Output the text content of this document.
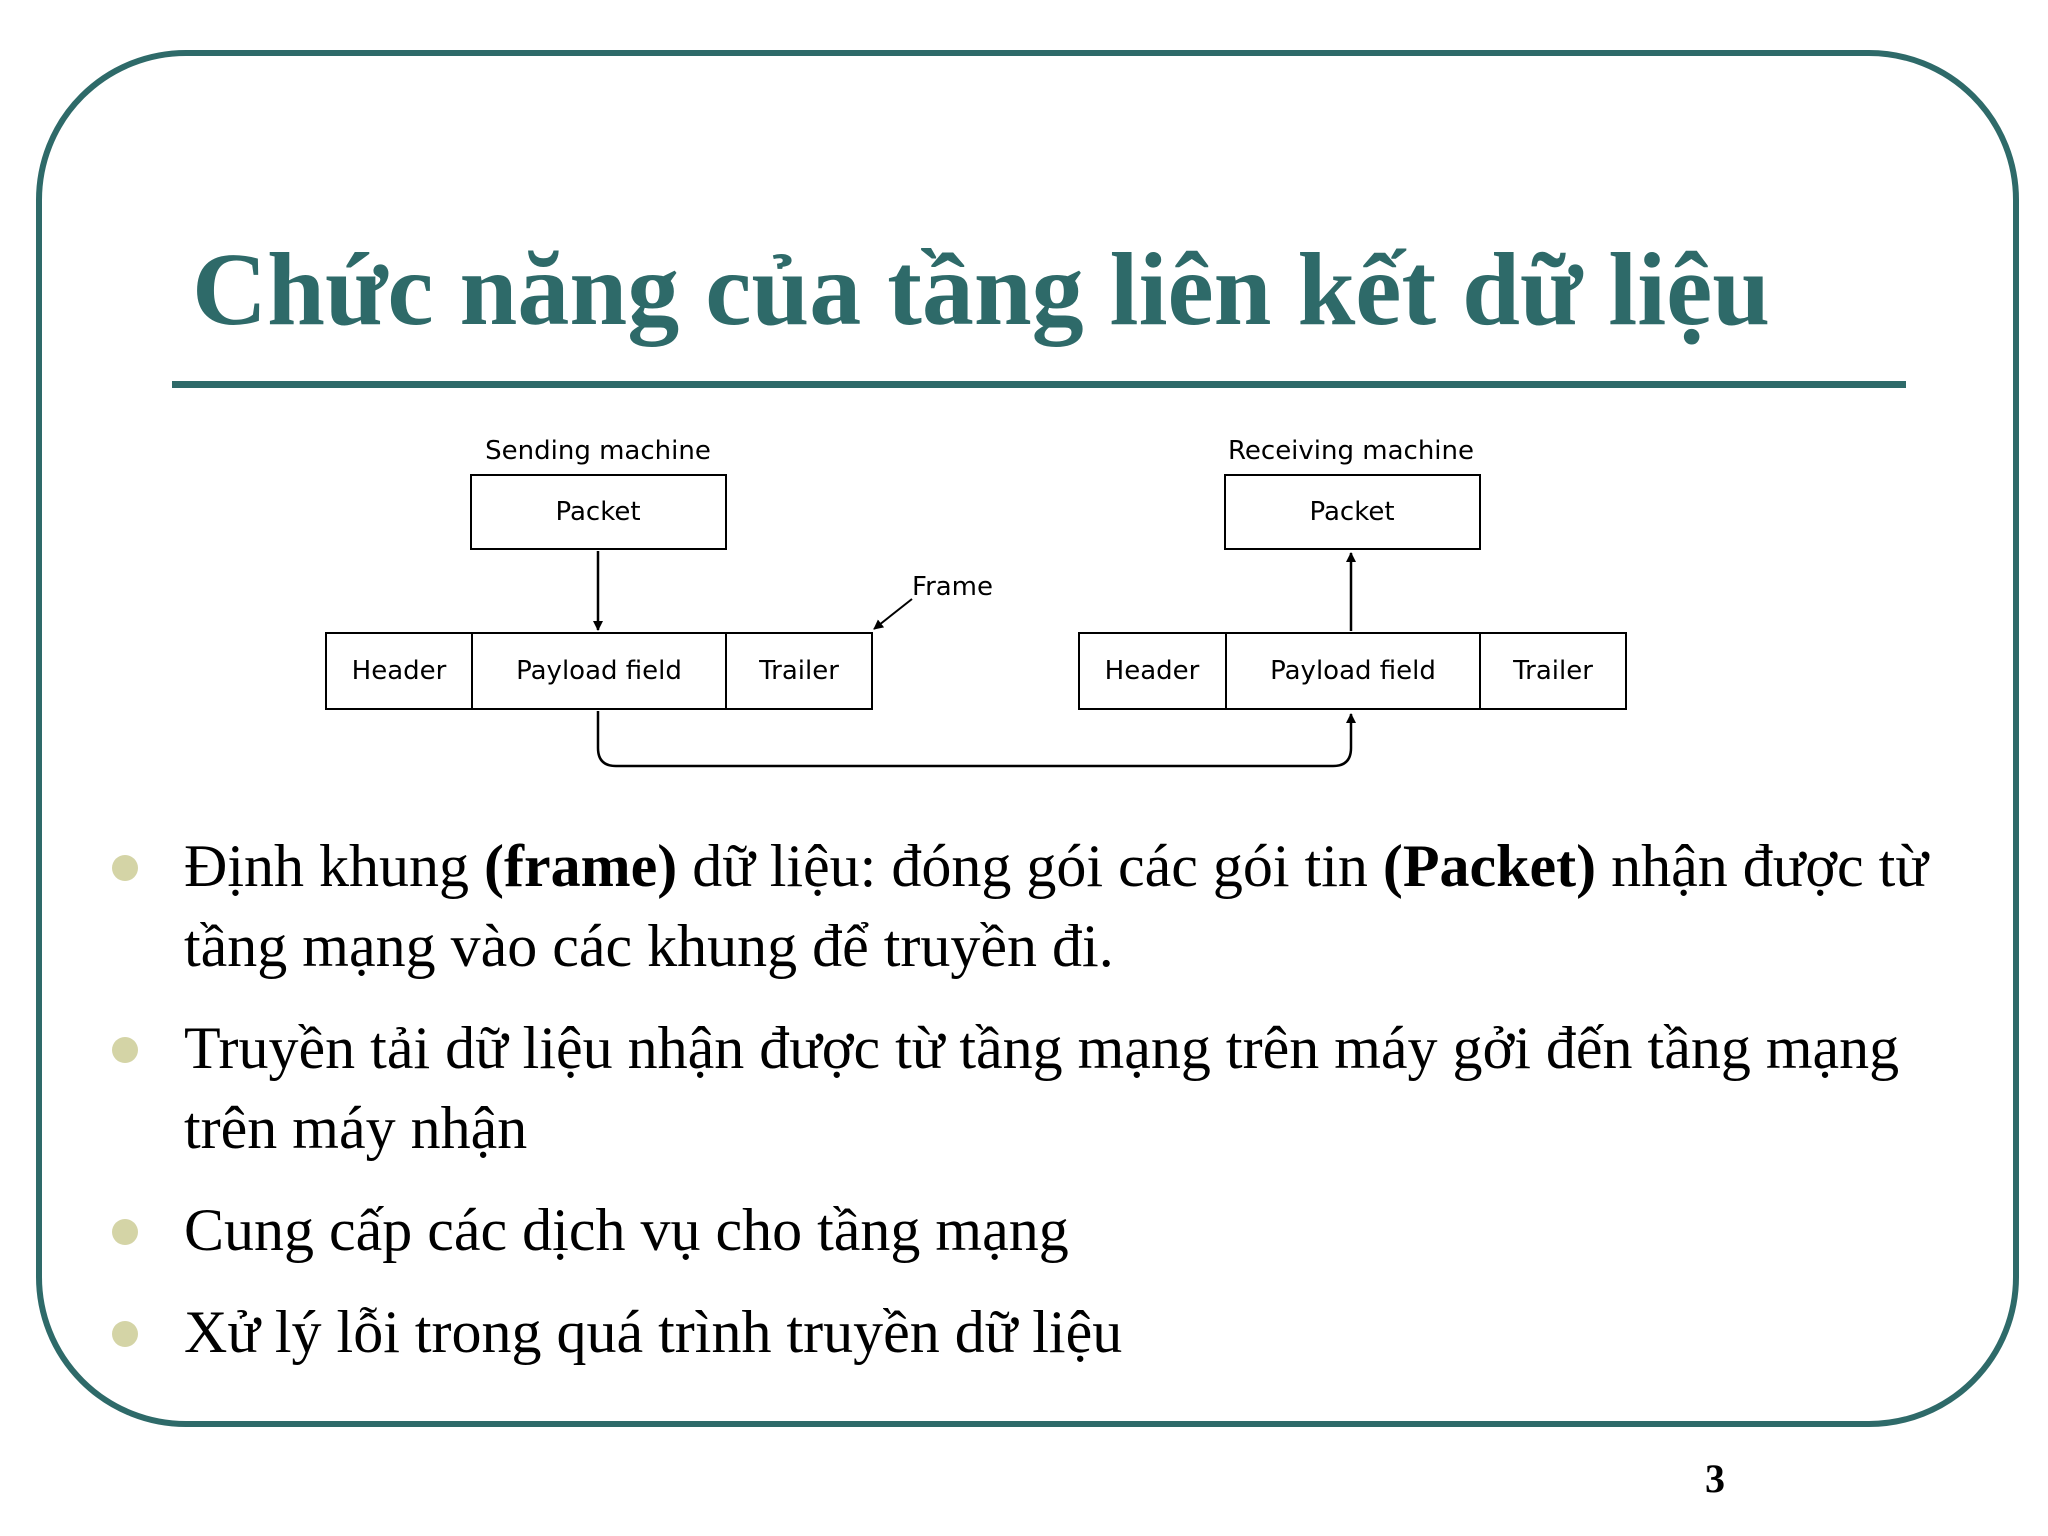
Chức năng của tầng liên kết dữ liệu
Sending machine
Packet
Header	Payload field	Trailer
Frame
Receiving machine
Packet
Header	Payload field	Trailer
Định khung (frame) dữ liệu: đóng gói các gói tin (Packet) nhận được từ tầng mạng vào các khung để truyền đi.
Truyền tải dữ liệu nhận được từ tầng mạng trên máy gởi đến tầng mạng trên máy nhận
Cung cấp các dịch vụ cho tầng mạng
Xử lý lỗi trong quá trình truyền dữ liệu
3
